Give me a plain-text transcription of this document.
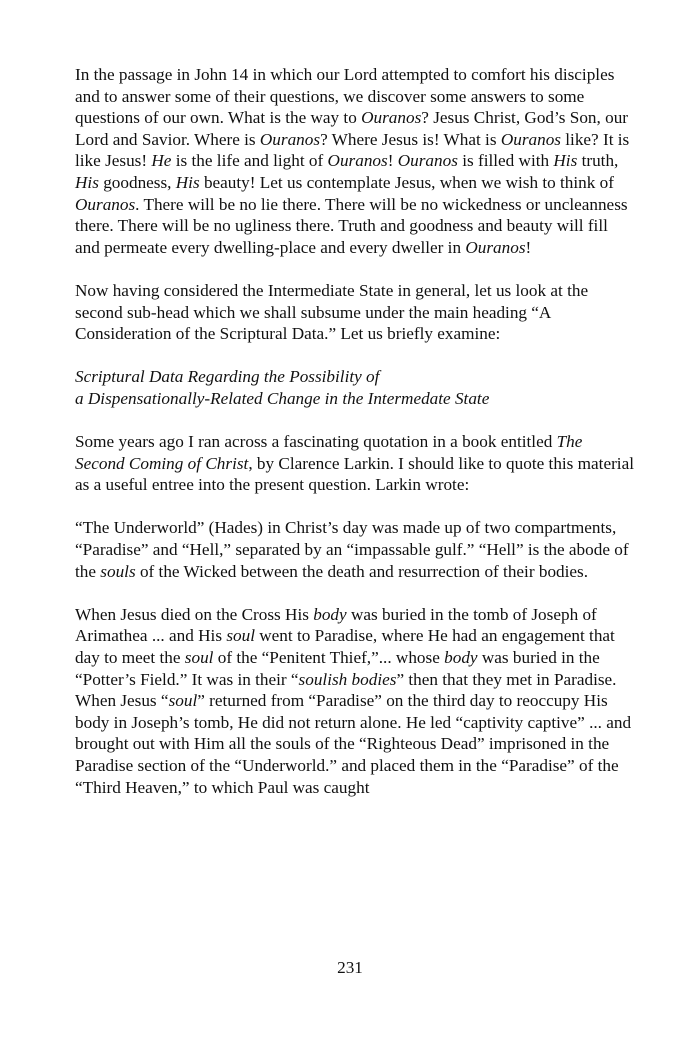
In the passage in John 14 in which our Lord attempted to comfort his disciples and to answer some of their questions, we discover some answers to some questions of our own. What is the way to Ouranos? Jesus Christ, God’s Son, our Lord and Savior. Where is Ouranos? Where Jesus is! What is Ouranos like? It is like Jesus! He is the life and light of Ouranos! Ouranos is filled with His truth, His goodness, His beauty! Let us contemplate Jesus, when we wish to think of Ouranos. There will be no lie there. There will be no wickedness or uncleanness there. There will be no ugliness there. Truth and goodness and beauty will fill and permeate every dwelling-place and every dweller in Ouranos!

Now having considered the Intermediate State in general, let us look at the second sub-head which we shall subsume under the main heading “A Consideration of the Scriptural Data.” Let us briefly examine:

Scriptural Data Regarding the Possibility of
a Dispensationally-Related Change in the Intermedate State

Some years ago I ran across a fascinating quotation in a book entitled The Second Coming of Christ, by Clarence Larkin. I should like to quote this material as a useful entree into the present question. Larkin wrote:

“The Underworld” (Hades) in Christ’s day was made up of two compartments, “Paradise” and “Hell,” separated by an “impassable gulf.” “Hell” is the abode of the souls of the Wicked between the death and resurrection of their bodies.

When Jesus died on the Cross His body was buried in the tomb of Joseph of Arimathea ... and His soul went to Paradise, where He had an engagement that day to meet the soul of the “Penitent Thief,”... whose body was buried in the “Potter’s Field.” It was in their “soulish bodies” then that they met in Paradise. When Jesus “soul” returned from “Paradise” on the third day to reoccupy His body in Joseph’s tomb, He did not return alone. He led “captivity captive” ... and brought out with Him all the souls of the “Righteous Dead” imprisoned in the Paradise section of the “Underworld.” and placed them in the “Paradise” of the “Third Heaven,” to which Paul was caught

231
